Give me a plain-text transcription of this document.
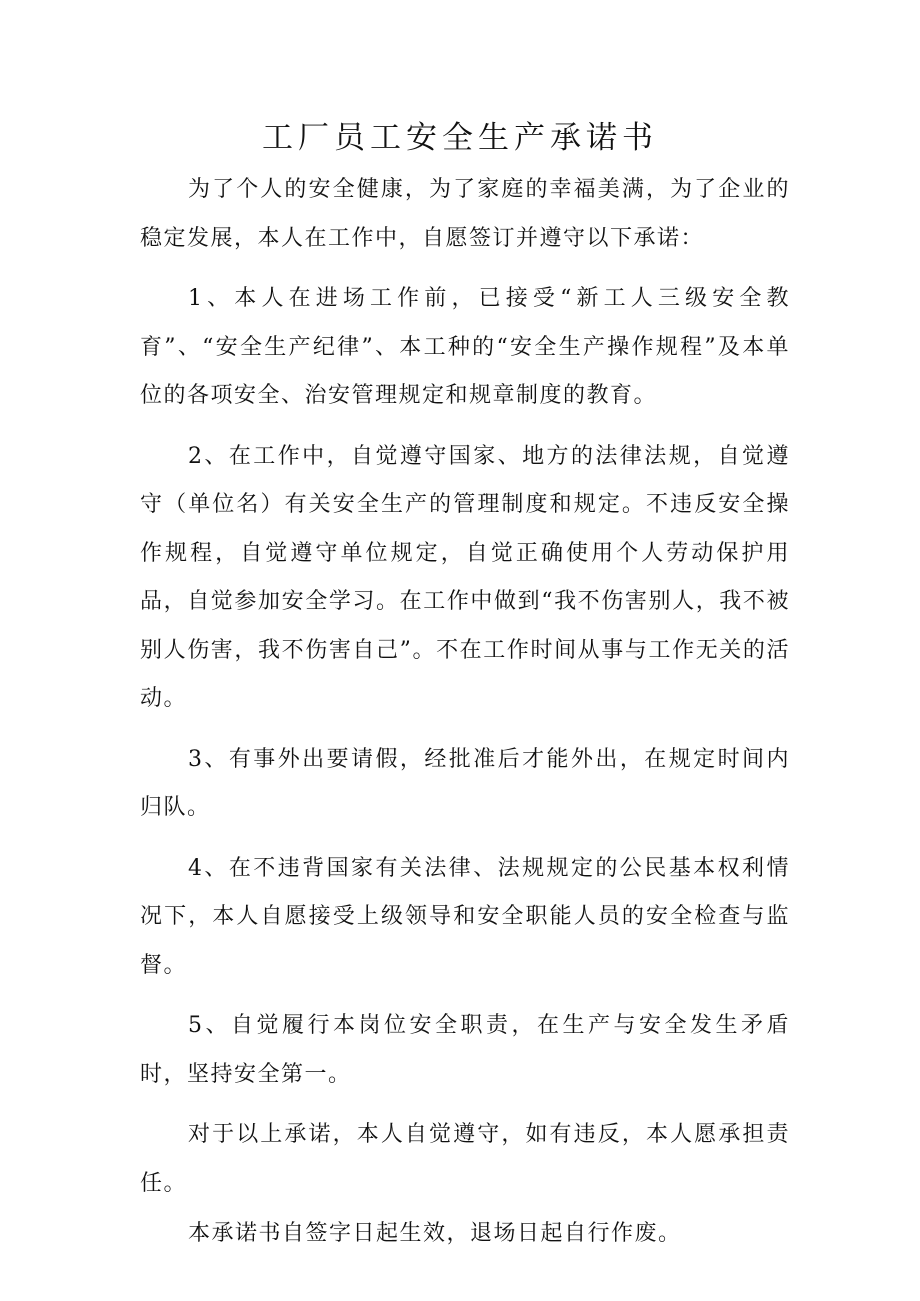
工厂员工安全生产承诺书

为了个人的安全健康，为了家庭的幸福美满，为了企业的稳定发展，本人在工作中，自愿签订并遵守以下承诺：

1、本人在进场工作前，已接受“新工人三级安全教育”、“安全生产纪律”、本工种的“安全生产操作规程”及本单位的各项安全、治安管理规定和规章制度的教育。

2、在工作中，自觉遵守国家、地方的法律法规，自觉遵守（单位名）有关安全生产的管理制度和规定。不违反安全操作规程，自觉遵守单位规定，自觉正确使用个人劳动保护用品，自觉参加安全学习。在工作中做到“我不伤害别人，我不被别人伤害，我不伤害自己”。不在工作时间从事与工作无关的活动。

3、有事外出要请假，经批准后才能外出，在规定时间内归队。

4、在不违背国家有关法律、法规规定的公民基本权利情况下，本人自愿接受上级领导和安全职能人员的安全检查与监督。

5、自觉履行本岗位安全职责，在生产与安全发生矛盾时，坚持安全第一。

对于以上承诺，本人自觉遵守，如有违反，本人愿承担责任。

本承诺书自签字日起生效，退场日起自行作废。
